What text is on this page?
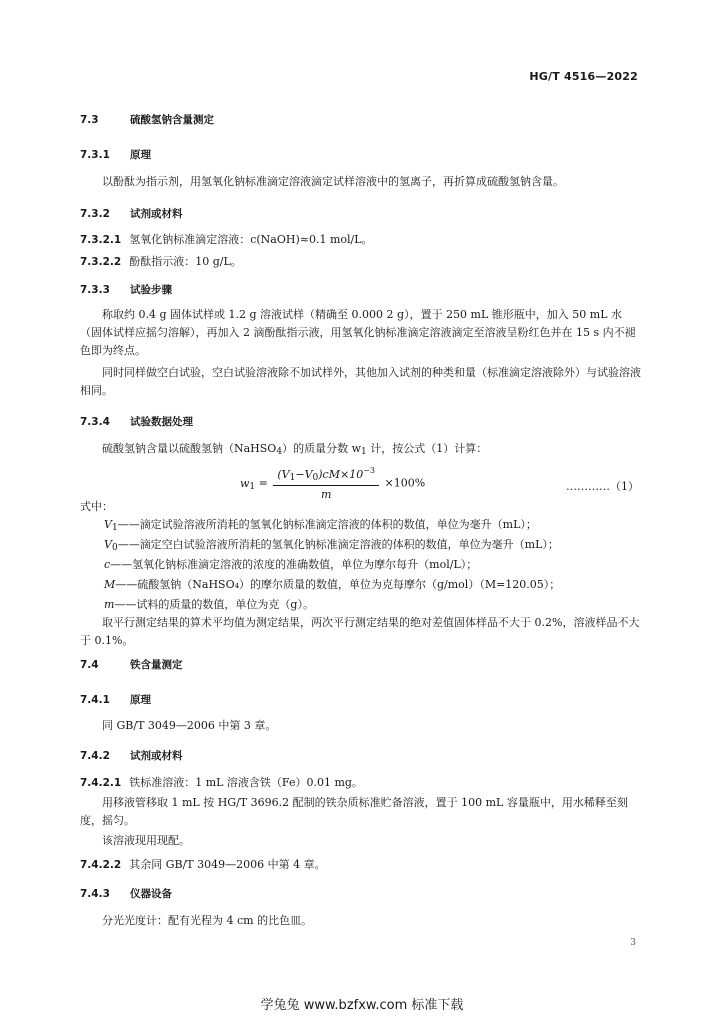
HG/T 4516—2022
7.3	硫酸氢钠含量测定
7.3.1 原理
以酚酞为指示剂，用氢氧化钠标准滴定溶液滴定试样溶液中的氢离子，再折算成硫酸氢钠含量。
7.3.2 试剂或材料
7.3.2.1 氢氧化钠标准滴定溶液：c(NaOH)≈0.1 mol/L。
7.3.2.2 酚酞指示液：10 g/L。
7.3.3 试验步骤
称取约 0.4 g 固体试样或 1.2 g 溶液试样（精确至 0.000 2 g），置于 250 mL 锥形瓶中，加入 50 mL 水（固体试样应摇匀溶解），再加入 2 滴酚酞指示液，用氢氧化钠标准滴定溶液滴定至溶液呈粉红色并在 15 s 内不褪色即为终点。
同时同样做空白试验，空白试验溶液除不加试样外，其他加入试剂的种类和量（标准滴定溶液除外）与试验溶液相同。
7.3.4 试验数据处理
硫酸氢钠含量以硫酸氢钠（NaHSO$_4$）的质量分数 $w_1$ 计，按公式（1）计算：
$w_1 = \frac{(V_1-V_0)cM\times 10^{-3}}{m} \times 100\%$	…………（1）
式中：
$V_1——$滴定试验溶液所消耗的氢氧化钠标准滴定溶液的体积的数值，单位为毫升（mL）；
$V_0——$滴定空白试验溶液所消耗的氢氧化钠标准滴定溶液的体积的数值，单位为毫升（mL）；
c——氢氧化钠标准滴定溶液的浓度的准确数值，单位为摩尔每升（mol/L）；
M——硫酸氢钠（NaHSO₄）的摩尔质量的数值，单位为克每摩尔（g/mol）（M=120.05）；
m——试料的质量的数值，单位为克（g）。
取平行测定结果的算术平均值为测定结果，两次平行测定结果的绝对差值固体样品不大于 0.2%，溶液样品不大于 0.1%。
7.4	铁含量测定
7.4.1 原理
同 GB/T 3049—2006 中第 3 章。
7.4.2 试剂或材料
7.4.2.1 铁标准溶液：1 mL 溶液含铁（Fe）0.01 mg。
用移液管移取 1 mL 按 HG/T 3696.2 配制的铁杂质标准贮备溶液，置于 100 mL 容量瓶中，用水稀释至刻度，摇匀。
该溶液现用现配。
7.4.2.2 其余同 GB/T 3049—2006 中第 4 章。
7.4.3 仪器设备
分光光度计：配有光程为 4 cm 的比色皿。
3
学兔兔 www.bzfxw.com 标准下载
